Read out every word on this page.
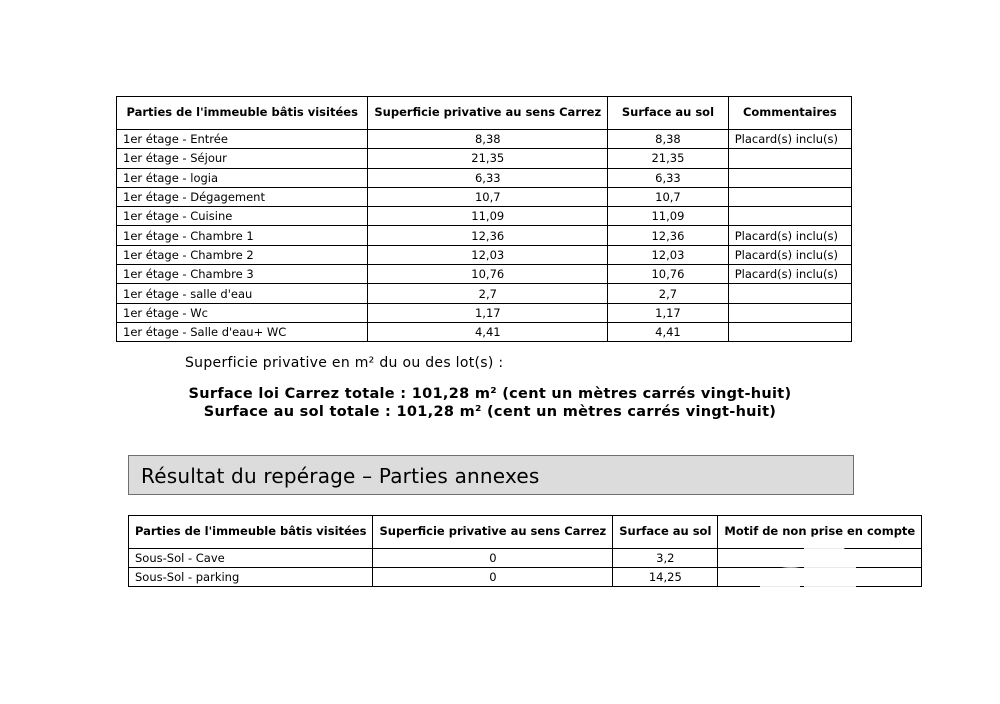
Parties de l'immeuble bâtis visitées	Superficie privative au sens Carrez	Surface au sol	Commentaires
1er étage - Entrée	8,38	8,38	Placard(s) inclu(s)
1er étage - Séjour	21,35	21,35	
1er étage - logia	6,33	6,33	
1er étage - Dégagement	10,7	10,7	
1er étage - Cuisine	11,09	11,09	
1er étage - Chambre 1	12,36	12,36	Placard(s) inclu(s)
1er étage - Chambre 2	12,03	12,03	Placard(s) inclu(s)
1er étage - Chambre 3	10,76	10,76	Placard(s) inclu(s)
1er étage - salle d'eau	2,7	2,7	
1er étage - Wc	1,17	1,17	
1er étage - Salle d'eau+ WC	4,41	4,41	
Superficie privative en m² du ou des lot(s) :
Surface loi Carrez totale : 101,28 m² (cent un mètres carrés vingt-huit)
Surface au sol totale : 101,28 m² (cent un mètres carrés vingt-huit)
Résultat du repérage – Parties annexes
Parties de l'immeuble bâtis visitées	Superficie privative au sens Carrez	Surface au sol	Motif de non prise en compte
Sous-Sol - Cave	0	3,2	
Sous-Sol - parking	0	14,25	
